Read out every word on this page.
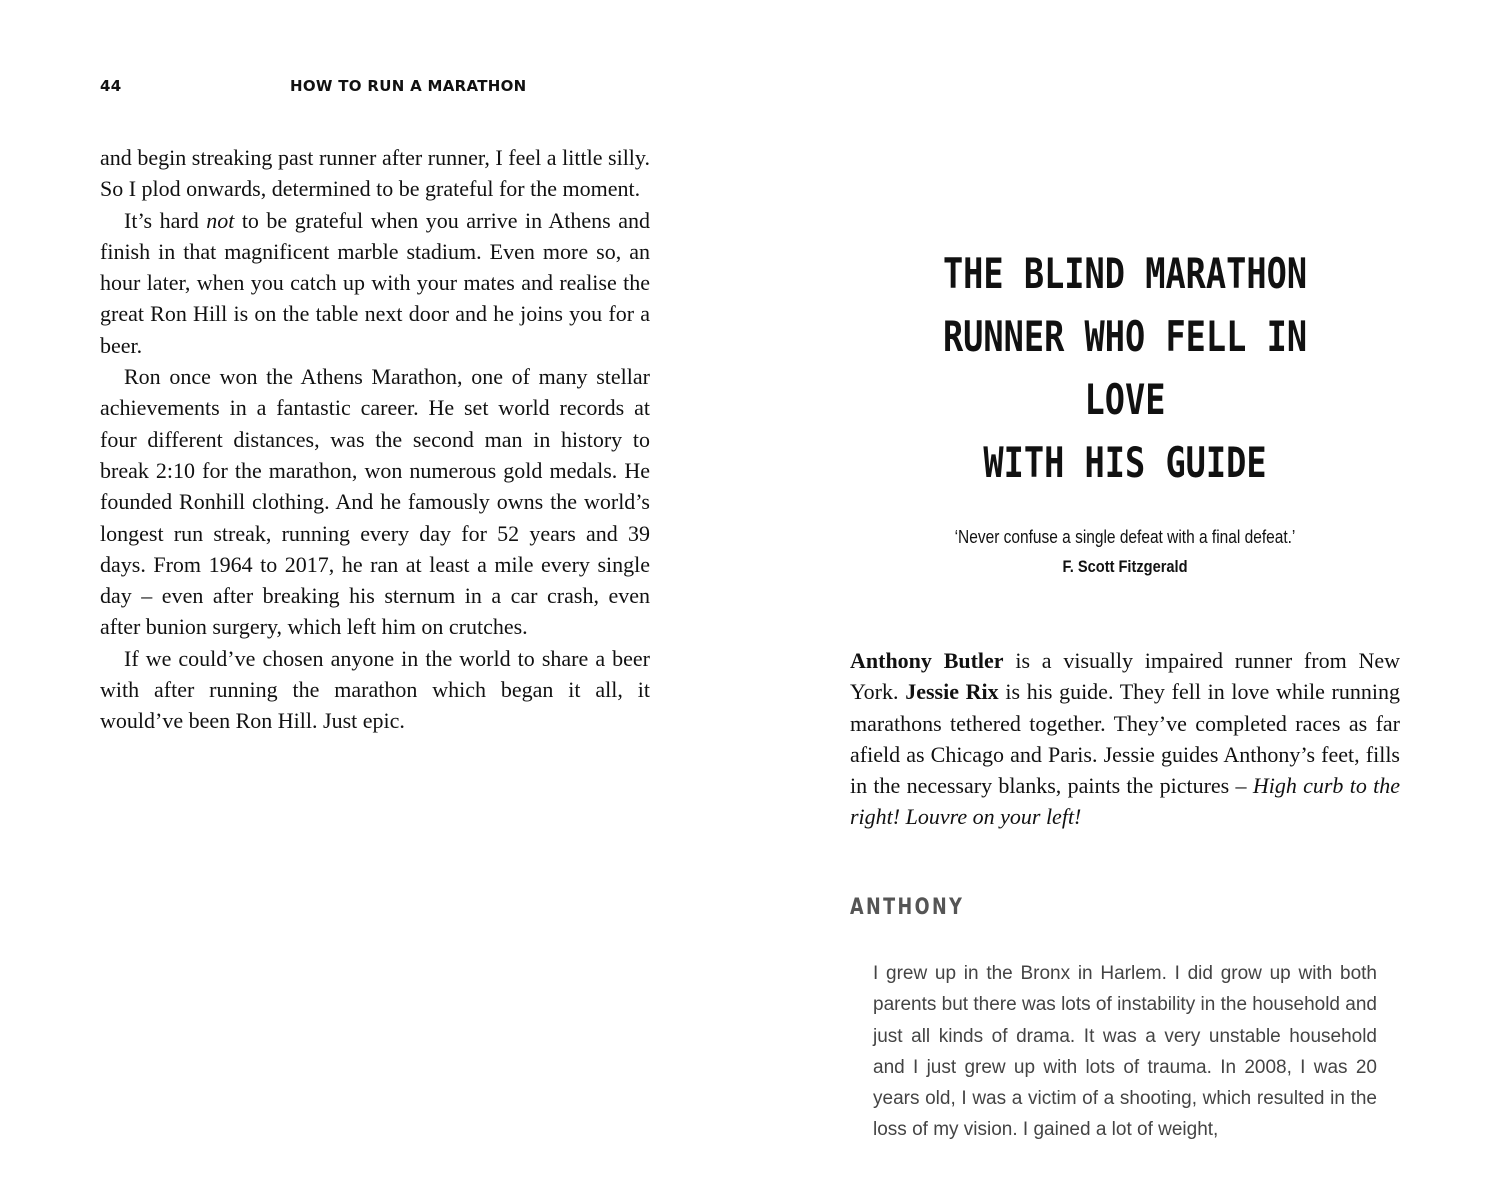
44	HOW TO RUN A MARATHON

and begin streaking past runner after runner, I feel a little silly. So I plod onwards, determined to be grateful for the moment.

It’s hard not to be grateful when you arrive in Athens and finish in that magnificent marble stadium. Even more so, an hour later, when you catch up with your mates and realise the great Ron Hill is on the table next door and he joins you for a beer.

Ron once won the Athens Marathon, one of many stellar achievements in a fantastic career. He set world records at four different distances, was the second man in history to break 2:10 for the marathon, won numerous gold medals. He founded Ronhill clothing. And he famously owns the world’s longest run streak, running every day for 52 years and 39 days. From 1964 to 2017, he ran at least a mile every single day – even after breaking his sternum in a car crash, even after bunion surgery, which left him on crutches.

If we could’ve chosen anyone in the world to share a beer with after running the marathon which began it all, it would’ve been Ron Hill. Just epic.

THE BLIND MARATHON
RUNNER WHO FELL IN LOVE
WITH HIS GUIDE
‘Never confuse a single defeat with a final defeat.’
F. Scott Fitzgerald
Anthony Butler is a visually impaired runner from New York. Jessie Rix is his guide. They fell in love while running marathons tethered together. They’ve completed races as far afield as Chicago and Paris. Jessie guides Anthony’s feet, fills in the necessary blanks, paints the pictures – High curb to the right! Louvre on your left!
ANTHONY
I grew up in the Bronx in Harlem. I did grow up with both parents but there was lots of instability in the household and just all kinds of drama. It was a very unstable household and I just grew up with lots of trauma. In 2008, I was 20 years old, I was a victim of a shooting, which resulted in the loss of my vision. I gained a lot of weight,
